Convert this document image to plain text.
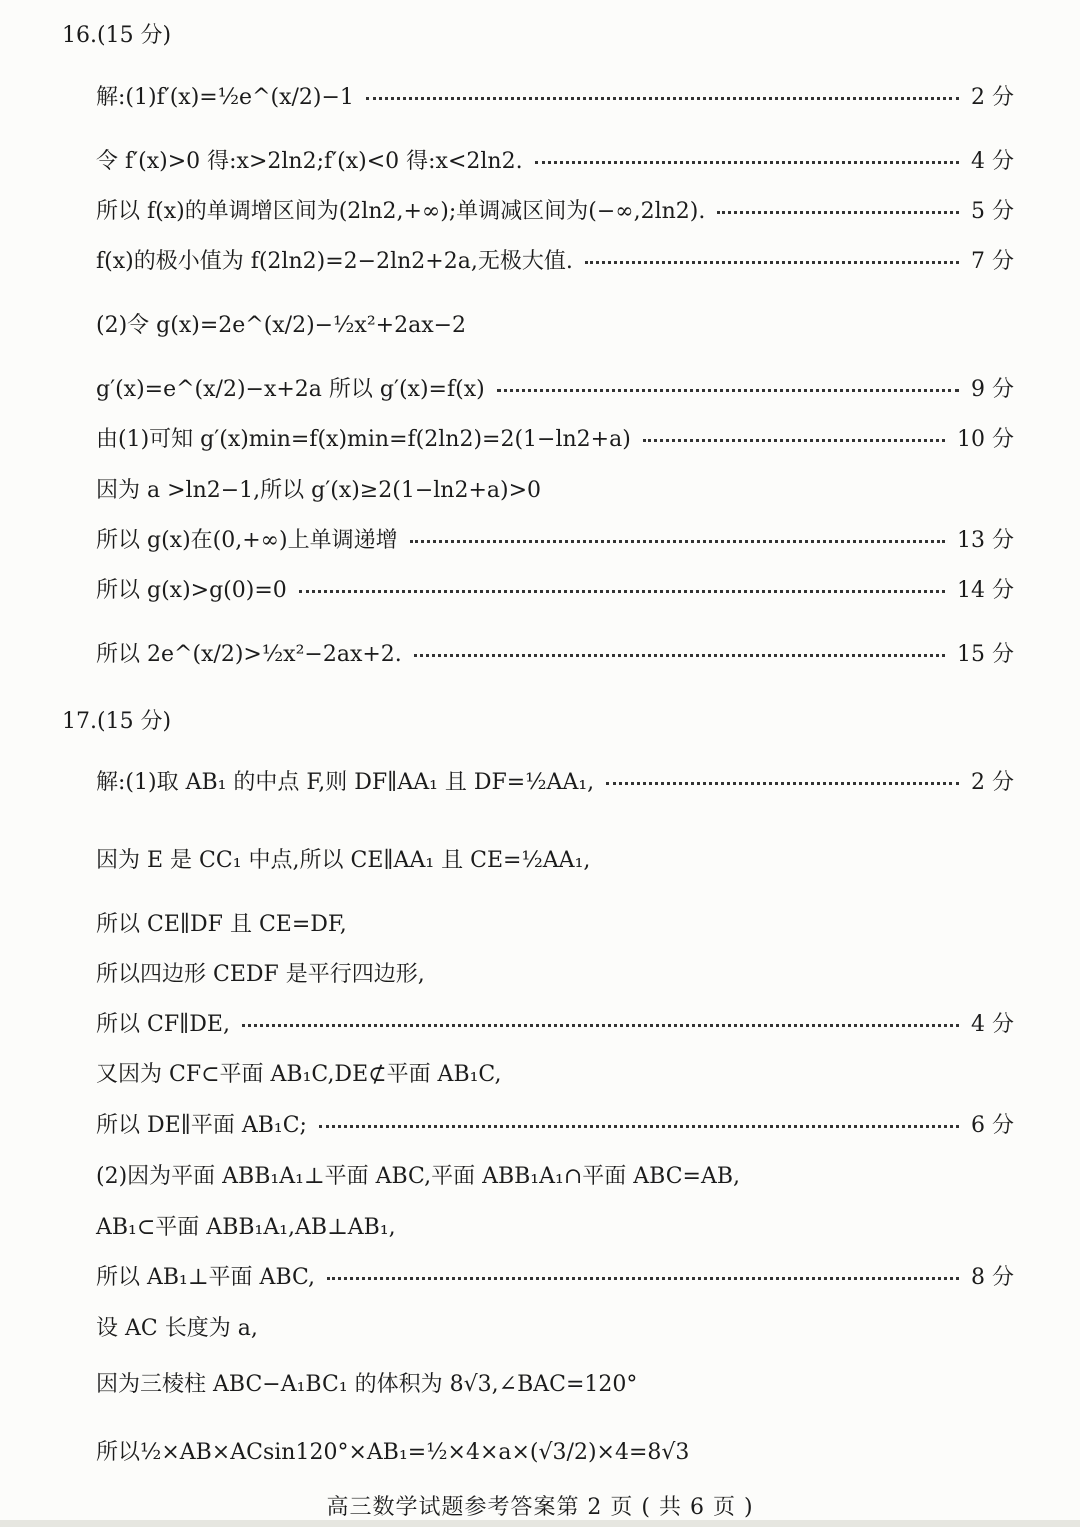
16.(15 分)
解:(1)f′(x)=½e^(x/2)−1	2 分
令 f′(x)>0 得:x>2ln2;f′(x)<0 得:x<2ln2.	4 分
所以 f(x)的单调增区间为(2ln2,+∞);单调减区间为(−∞,2ln2).	5 分
f(x)的极小值为 f(2ln2)=2−2ln2+2a,无极大值.	7 分
(2)令 g(x)=2e^(x/2)−½x²+2ax−2
g′(x)=e^(x/2)−x+2a 所以 g′(x)=f(x)	9 分
由(1)可知 g′(x)min=f(x)min=f(2ln2)=2(1−ln2+a)	10 分
因为 a >ln2−1,所以 g′(x)≥2(1−ln2+a)>0
所以 g(x)在(0,+∞)上单调递增	13 分
所以 g(x)>g(0)=0	14 分
所以 2e^(x/2)>½x²−2ax+2.	15 分
17.(15 分)
解:(1)取 AB₁ 的中点 F,则 DF∥AA₁ 且 DF=½AA₁,	2 分
因为 E 是 CC₁ 中点,所以 CE∥AA₁ 且 CE=½AA₁,
所以 CE∥DF 且 CE=DF,
所以四边形 CEDF 是平行四边形,
所以 CF∥DE,	4 分
又因为 CF⊂平面 AB₁C,DE⊄平面 AB₁C,
所以 DE∥平面 AB₁C;	6 分
(2)因为平面 ABB₁A₁⊥平面 ABC,平面 ABB₁A₁∩平面 ABC=AB,
AB₁⊂平面 ABB₁A₁,AB⊥AB₁,
所以 AB₁⊥平面 ABC,	8 分
设 AC 长度为 a,
因为三棱柱 ABC−A₁BC₁ 的体积为 8√3,∠BAC=120°
所以½×AB×ACsin120°×AB₁=½×4×a×(√3/2)×4=8√3
高三数学试题参考答案第 2 页 ( 共 6 页 )
